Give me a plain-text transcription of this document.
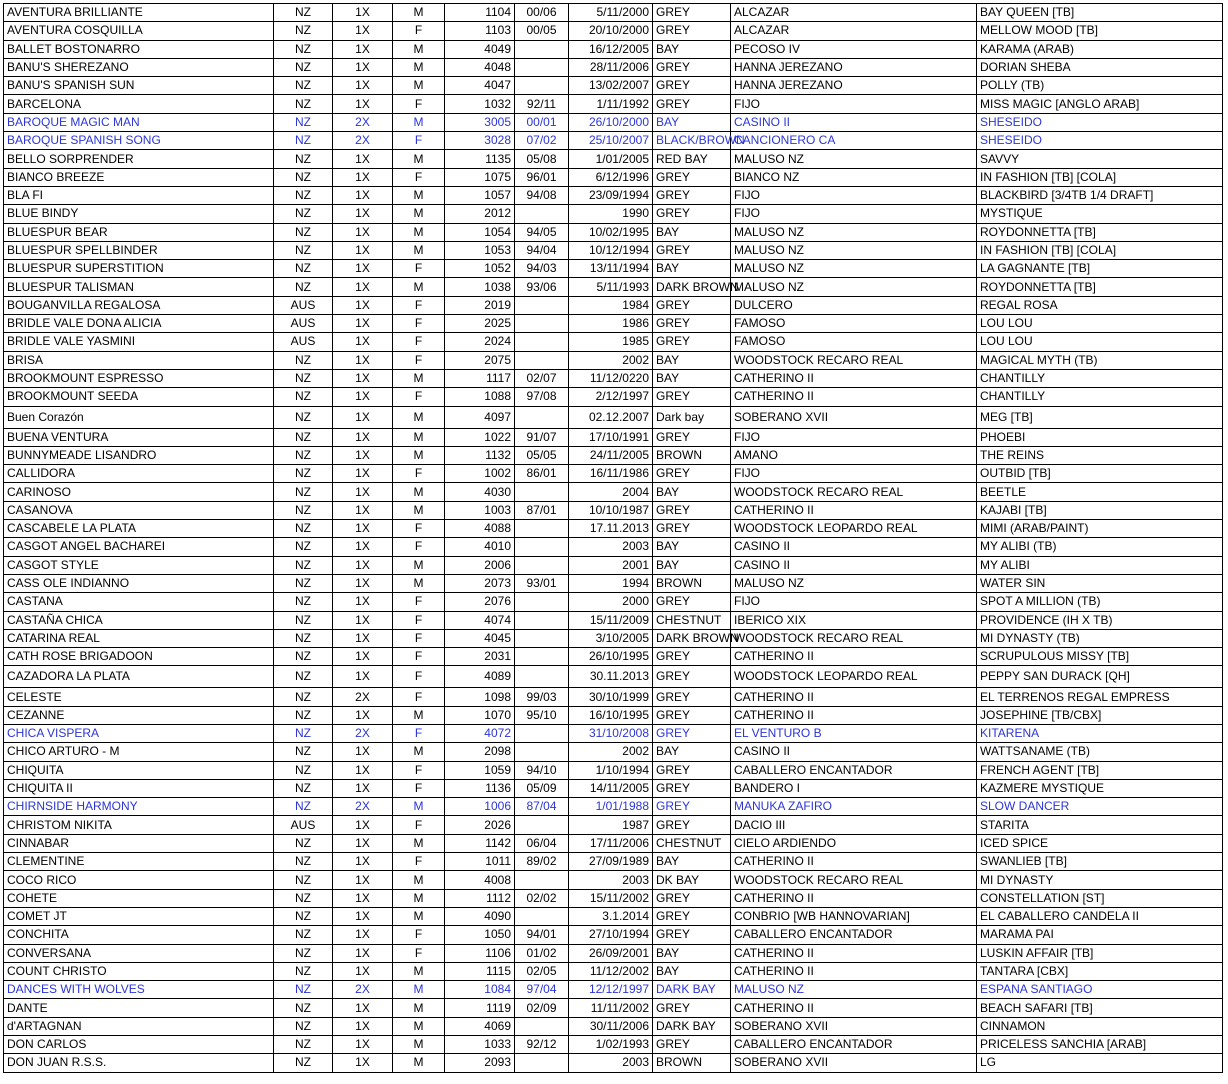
AVENTURA BRILLIANTE	NZ	1X	M	1104	00/06	5/11/2000	GREY	ALCAZAR	BAY QUEEN [TB]
AVENTURA COSQUILLA	NZ	1X	F	1103	00/05	20/10/2000	GREY	ALCAZAR	MELLOW MOOD [TB]
BALLET BOSTONARRO	NZ	1X	M	4049		16/12/2005	BAY	PECOSO IV	KARAMA (ARAB)
BANU'S SHEREZANO	NZ	1X	M	4048		28/11/2006	GREY	HANNA JEREZANO	DORIAN SHEBA
BANU'S SPANISH SUN	NZ	1X	M	4047		13/02/2007	GREY	HANNA JEREZANO	POLLY (TB)
BARCELONA	NZ	1X	F	1032	92/11	1/11/1992	GREY	FIJO	MISS MAGIC [ANGLO ARAB]
BAROQUE MAGIC MAN	NZ	2X	M	3005	00/01	26/10/2000	BAY	CASINO II	SHESEIDO
BAROQUE SPANISH SONG	NZ	2X	F	3028	07/02	25/10/2007	BLACK/BROWN	CANCIONERO CA	SHESEIDO
BELLO SORPRENDER	NZ	1X	M	1135	05/08	1/01/2005	RED BAY	MALUSO NZ	SAVVY
BIANCO BREEZE	NZ	1X	F	1075	96/01	6/12/1996	GREY	BIANCO NZ	IN FASHION [TB] [COLA]
BLA FI	NZ	1X	M	1057	94/08	23/09/1994	GREY	FIJO	BLACKBIRD [3/4TB 1/4 DRAFT]
BLUE BINDY	NZ	1X	M	2012		1990	GREY	FIJO	MYSTIQUE
BLUESPUR BEAR	NZ	1X	M	1054	94/05	10/02/1995	BAY	MALUSO NZ	ROYDONNETTA [TB]
BLUESPUR SPELLBINDER	NZ	1X	M	1053	94/04	10/12/1994	GREY	MALUSO NZ	IN FASHION [TB] [COLA]
BLUESPUR SUPERSTITION	NZ	1X	F	1052	94/03	13/11/1994	BAY	MALUSO NZ	LA GAGNANTE [TB]
BLUESPUR TALISMAN	NZ	1X	M	1038	93/06	5/11/1993	DARK BROWN	MALUSO NZ	ROYDONNETTA [TB]
BOUGANVILLA REGALOSA	AUS	1X	F	2019		1984	GREY	DULCERO	REGAL ROSA
BRIDLE VALE DONA ALICIA	AUS	1X	F	2025		1986	GREY	FAMOSO	LOU LOU
BRIDLE VALE YASMINI	AUS	1X	F	2024		1985	GREY	FAMOSO	LOU LOU
BRISA	NZ	1X	F	2075		2002	BAY	WOODSTOCK RECARO REAL	MAGICAL MYTH (TB)
BROOKMOUNT ESPRESSO	NZ	1X	M	1117	02/07	11/12/0220	BAY	CATHERINO II	CHANTILLY
BROOKMOUNT SEEDA	NZ	1X	F	1088	97/08	2/12/1997	GREY	CATHERINO II	CHANTILLY
Buen Corazón	NZ	1X	M	4097		02.12.2007	Dark bay	SOBERANO XVII	MEG [TB]
BUENA VENTURA	NZ	1X	M	1022	91/07	17/10/1991	GREY	FIJO	PHOEBI
BUNNYMEADE LISANDRO	NZ	1X	M	1132	05/05	24/11/2005	BROWN	AMANO	THE REINS
CALLIDORA	NZ	1X	F	1002	86/01	16/11/1986	GREY	FIJO	OUTBID [TB]
CARINOSO	NZ	1X	M	4030		2004	BAY	WOODSTOCK RECARO REAL	BEETLE
CASANOVA	NZ	1X	M	1003	87/01	10/10/1987	GREY	CATHERINO II	KAJABI [TB]
CASCABELE LA PLATA	NZ	1X	F	4088		17.11.2013	GREY	WOODSTOCK LEOPARDO REAL	MIMI (ARAB/PAINT)
CASGOT ANGEL BACHAREI	NZ	1X	F	4010		2003	BAY	CASINO II	MY ALIBI (TB)
CASGOT STYLE	NZ	1X	M	2006		2001	BAY	CASINO II	MY ALIBI
CASS OLE INDIANNO	NZ	1X	M	2073	93/01	1994	BROWN	MALUSO NZ	WATER SIN
CASTANA	NZ	1X	F	2076		2000	GREY	FIJO	SPOT A MILLION (TB)
CASTAÑA CHICA	NZ	1X	F	4074		15/11/2009	CHESTNUT	IBERICO XIX	PROVIDENCE (IH X TB)
CATARINA REAL	NZ	1X	F	4045		3/10/2005	DARK BROWN	WOODSTOCK RECARO REAL	MI DYNASTY (TB)
CATH ROSE BRIGADOON	NZ	1X	F	2031		26/10/1995	GREY	CATHERINO II	SCRUPULOUS MISSY [TB]
CAZADORA LA PLATA	NZ	1X	F	4089		30.11.2013	GREY	WOODSTOCK LEOPARDO REAL	PEPPY SAN DURACK [QH]
CELESTE	NZ	2X	F	1098	99/03	30/10/1999	GREY	CATHERINO II	EL TERRENOS REGAL EMPRESS
CEZANNE	NZ	1X	M	1070	95/10	16/10/1995	GREY	CATHERINO II	JOSEPHINE [TB/CBX]
CHICA VISPERA	NZ	2X	F	4072		31/10/2008	GREY	EL VENTURO B	KITARENA
CHICO ARTURO - M	NZ	1X	M	2098		2002	BAY	CASINO II	WATTSANAME (TB)
CHIQUITA	NZ	1X	F	1059	94/10	1/10/1994	GREY	CABALLERO ENCANTADOR	FRENCH AGENT [TB]
CHIQUITA II	NZ	1X	F	1136	05/09	14/11/2005	GREY	BANDERO I	KAZMERE MYSTIQUE
CHIRNSIDE HARMONY	NZ	2X	M	1006	87/04	1/01/1988	GREY	MANUKA ZAFIRO	SLOW DANCER
CHRISTOM NIKITA	AUS	1X	F	2026		1987	GREY	DACIO III	STARITA
CINNABAR	NZ	1X	M	1142	06/04	17/11/2006	CHESTNUT	CIELO ARDIENDO	ICED SPICE
CLEMENTINE	NZ	1X	F	1011	89/02	27/09/1989	BAY	CATHERINO II	SWANLIEB [TB]
COCO RICO	NZ	1X	M	4008		2003	DK BAY	WOODSTOCK RECARO REAL	MI DYNASTY
COHETE	NZ	1X	M	1112	02/02	15/11/2002	GREY	CATHERINO II	CONSTELLATION [ST]
COMET JT	NZ	1X	M	4090		3.1.2014	GREY	CONBRIO [WB HANNOVARIAN]	EL CABALLERO CANDELA II
CONCHITA	NZ	1X	F	1050	94/01	27/10/1994	GREY	CABALLERO ENCANTADOR	MARAMA PAI
CONVERSANA	NZ	1X	F	1106	01/02	26/09/2001	BAY	CATHERINO II	LUSKIN AFFAIR [TB]
COUNT CHRISTO	NZ	1X	M	1115	02/05	11/12/2002	BAY	CATHERINO II	TANTARA [CBX]
DANCES WITH WOLVES	NZ	2X	M	1084	97/04	12/12/1997	DARK BAY	MALUSO NZ	ESPANA SANTIAGO
DANTE	NZ	1X	M	1119	02/09	11/11/2002	GREY	CATHERINO II	BEACH SAFARI [TB]
d'ARTAGNAN	NZ	1X	M	4069		30/11/2006	DARK BAY	SOBERANO XVII	CINNAMON
DON CARLOS	NZ	1X	M	1033	92/12	1/02/1993	GREY	CABALLERO ENCANTADOR	PRICELESS SANCHIA [ARAB]
DON JUAN R.S.S.	NZ	1X	M	2093		2003	BROWN	SOBERANO XVII	LG
